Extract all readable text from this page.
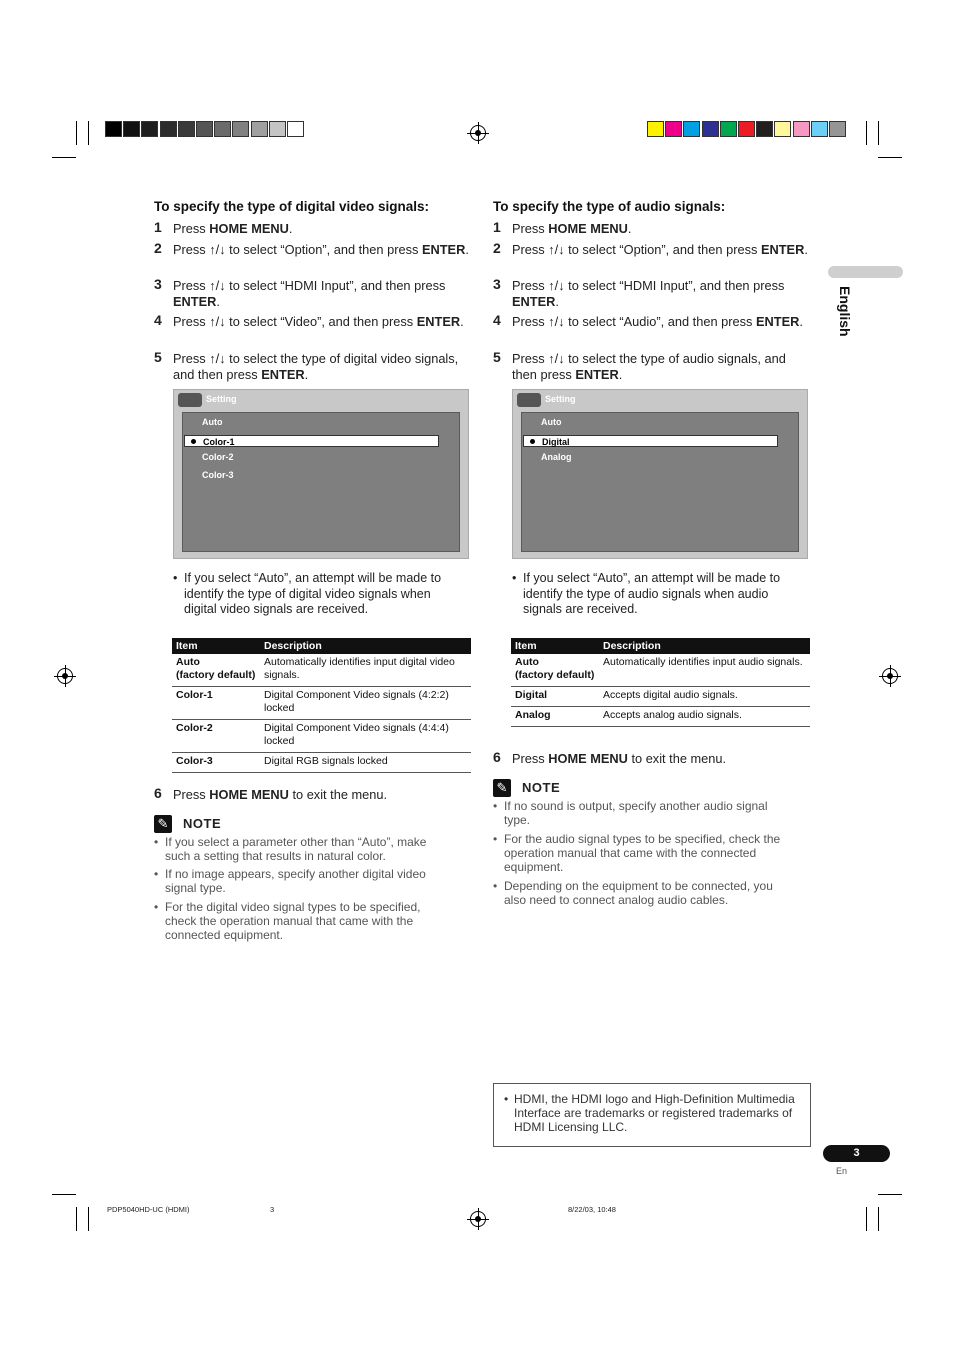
English
To specify the type of digital video signals:
1 Press HOME MENU.
2 Press ↑/↓ to select “Option”, and then press ENTER.
3 Press ↑/↓ to select “HDMI Input”, and then press ENTER.
4 Press ↑/↓ to select “Video”, and then press ENTER.
5 Press ↑/↓ to select the type of digital video signals, and then press ENTER.
Setting
Auto
Color-1
Color-2
Color-3
• If you select “Auto”, an attempt will be made to identify the type of digital video signals when digital video signals are received.
Item	Description
Auto
(factory default)	Automatically identifies input digital video signals.
Color-1	Digital Component Video signals (4:2:2) locked
Color-2	Digital Component Video signals (4:4:4) locked
Color-3	Digital RGB signals locked
6 Press HOME MENU to exit the menu.
✎ NOTE
• If you select a parameter other than “Auto”, make such a setting that results in natural color.
• If no image appears, specify another digital video signal type.
• For the digital video signal types to be specified, check the operation manual that came with the connected equipment.
To specify the type of audio signals:
1 Press HOME MENU.
2 Press ↑/↓ to select “Option”, and then press ENTER.
3 Press ↑/↓ to select “HDMI Input”, and then press ENTER.
4 Press ↑/↓ to select “Audio”, and then press ENTER.
5 Press ↑/↓ to select the type of audio signals, and then press ENTER.
Setting
Auto
Digital
Analog
• If you select “Auto”, an attempt will be made to identify the type of audio signals when audio signals are received.
Item	Description
Auto
(factory default)	Automatically identifies input audio signals.
Digital	Accepts digital audio signals.
Analog	Accepts analog audio signals.
6 Press HOME MENU to exit the menu.
✎ NOTE
• If no sound is output, specify another audio signal type.
• For the audio signal types to be specified, check the operation manual that came with the connected equipment.
• Depending on the equipment to be connected, you also need to connect analog audio cables.
• HDMI, the HDMI logo and High-Definition Multimedia Interface are trademarks or registered trademarks of HDMI Licensing LLC.
3
En
PDP5040HD-UC (HDMI)	3	8/22/03, 10:48
